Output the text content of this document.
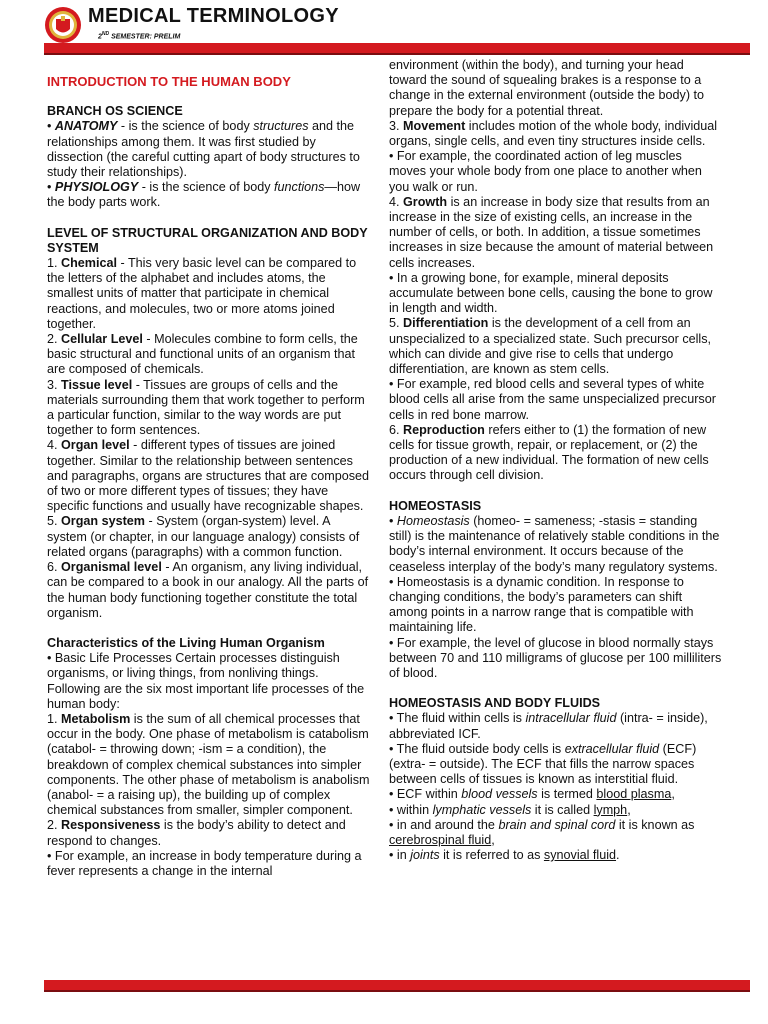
MEDICAL TERMINOLOGY
2ND SEMESTER: PRELIM

INTRODUCTION TO THE HUMAN BODY

BRANCH OS SCIENCE

• ANATOMY - is the science of body structures and the relationships among them. It was first studied by dissection (the careful cutting apart of body structures to study their relationships).

• PHYSIOLOGY - is the science of body functions—how the body parts work.

LEVEL OF STRUCTURAL ORGANIZATION AND BODY SYSTEM

1. Chemical - This very basic level can be compared to the letters of the alphabet and includes atoms, the smallest units of matter that participate in chemical reactions, and molecules, two or more atoms joined together.

2. Cellular Level - Molecules combine to form cells, the basic structural and functional units of an organism that are composed of chemicals.

3. Tissue level - Tissues are groups of cells and the materials surrounding them that work together to perform a particular function, similar to the way words are put together to form sentences.

4. Organ level - different types of tissues are joined together. Similar to the relationship between sentences and paragraphs, organs are structures that are composed of two or more different types of tissues; they have specific functions and usually have recognizable shapes.

5. Organ system - System (organ-system) level. A system (or chapter, in our language analogy) consists of related organs (paragraphs) with a common function.

6. Organismal level - An organism, any living individual, can be compared to a book in our analogy. All the parts of the human body functioning together constitute the total organism.

Characteristics of the Living Human Organism

• Basic Life Processes Certain processes distinguish organisms, or living things, from nonliving things. Following are the six most important life processes of the human body:

1. Metabolism is the sum of all chemical processes that occur in the body. One phase of metabolism is catabolism (catabol- = throwing down; -ism = a condition), the breakdown of complex chemical substances into simpler components. The other phase of metabolism is anabolism (anabol- = a raising up), the building up of complex chemical substances from smaller, simpler component.

2. Responsiveness is the body’s ability to detect and respond to changes.

• For example, an increase in body temperature during a fever represents a change in the internal

environment (within the body), and turning your head toward the sound of squealing brakes is a response to a change in the external environment (outside the body) to prepare the body for a potential threat.

3. Movement includes motion of the whole body, individual organs, single cells, and even tiny structures inside cells.

• For example, the coordinated action of leg muscles moves your whole body from one place to another when you walk or run.

4. Growth is an increase in body size that results from an increase in the size of existing cells, an increase in the number of cells, or both. In addition, a tissue sometimes increases in size because the amount of material between cells increases.

• In a growing bone, for example, mineral deposits accumulate between bone cells, causing the bone to grow in length and width.

5. Differentiation is the development of a cell from an unspecialized to a specialized state. Such precursor cells, which can divide and give rise to cells that undergo differentiation, are known as stem cells.

• For example, red blood cells and several types of white blood cells all arise from the same unspecialized precursor cells in red bone marrow.

6. Reproduction refers either to (1) the formation of new cells for tissue growth, repair, or replacement, or (2) the production of a new individual. The formation of new cells occurs through cell division.

HOMEOSTASIS

• Homeostasis (homeo- = sameness; -stasis = standing still) is the maintenance of relatively stable conditions in the body’s internal environment. It occurs because of the ceaseless interplay of the body’s many regulatory systems.

• Homeostasis is a dynamic condition. In response to changing conditions, the body’s parameters can shift among points in a narrow range that is compatible with maintaining life.

• For example, the level of glucose in blood normally stays between 70 and 110 milligrams of glucose per 100 milliliters of blood.

HOMEOSTASIS AND BODY FLUIDS

• The fluid within cells is intracellular fluid (intra- = inside), abbreviated ICF.

• The fluid outside body cells is extracellular fluid (ECF) (extra- = outside). The ECF that fills the narrow spaces between cells of tissues is known as interstitial fluid.

• ECF within blood vessels is termed blood plasma,

• within lymphatic vessels it is called lymph,

• in and around the brain and spinal cord it is known as cerebrospinal fluid,

• in joints it is referred to as synovial fluid.
